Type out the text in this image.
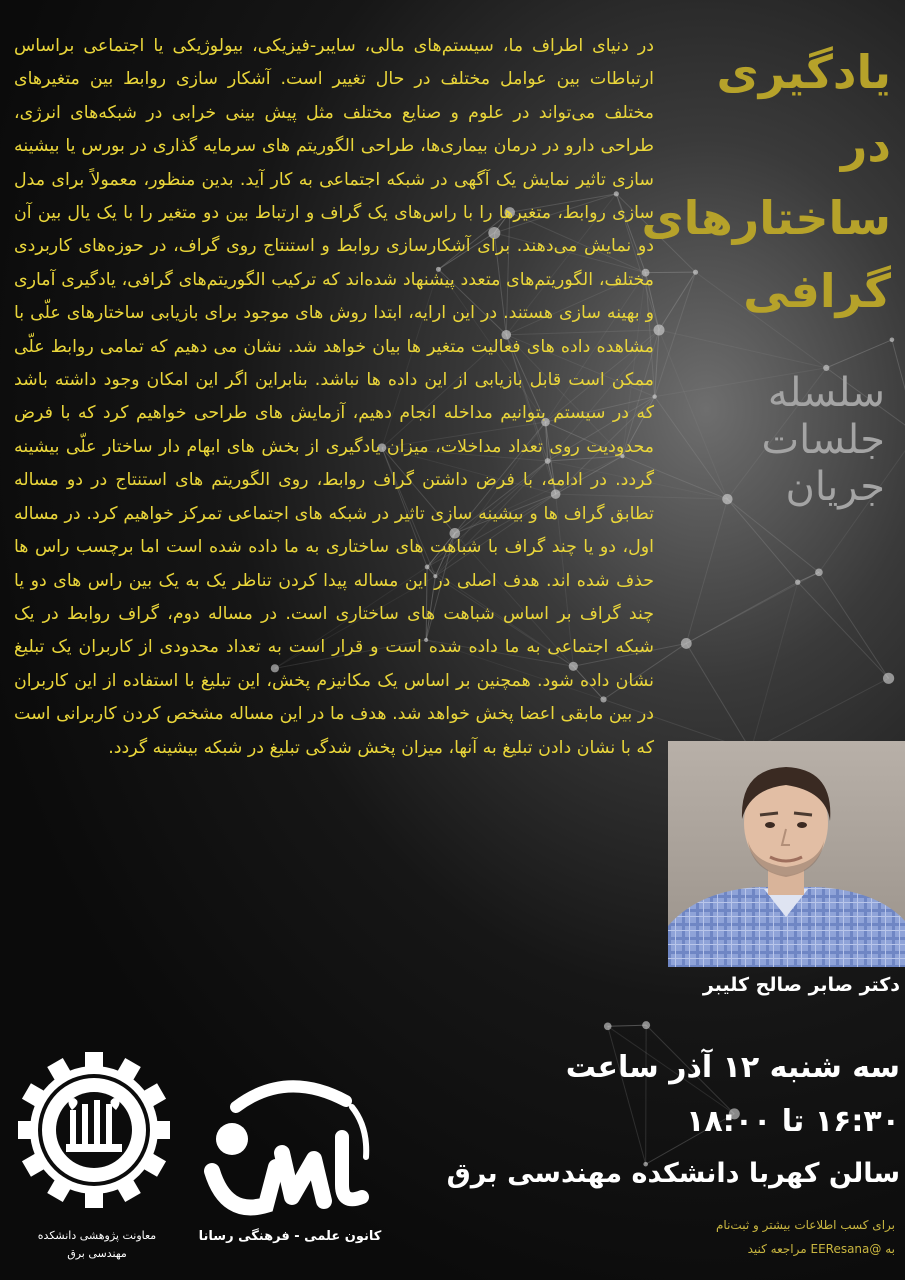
در دنیای اطراف ما، سیستم‌های مالی، سایبر-فیزیکی، بیولوژیکی یا اجتماعی براساس ارتباطات بین عوامل مختلف در حال تغییر است. آشکار سازی روابط بین متغیرهای مختلف می‌تواند در علوم و صنایع مختلف مثل پیش بینی خرابی در شبکه‌های انرژی، طراحی دارو در درمان بیماری‌ها، طراحی الگوریتم های سرمایه گذاری در بورس یا بیشینه سازی تاثیر نمایش یک آگهی در شبکه اجتماعی به کار آید. بدین منظور، معمولاً برای مدل سازی روابط، متغیرها را با راس‌های یک گراف و ارتباط بین دو متغیر را با یک یال بین آن دو نمایش می‌دهند. برای آشکارسازی روابط و استنتاج روی گراف، در حوزه‌های کاربردی مختلف، الگوریتم‌های متعدد پیشنهاد شده‌اند که ترکیب الگوریتم‌های گرافی، یادگیری آماری و بهینه سازی هستند. در این ارایه، ابتدا روش های موجود برای بازیابی ساختارهای علّی با مشاهده داده های فعالیت متغیر ها بیان خواهد شد. نشان می دهیم که تمامی روابط علّی ممکن است قابل بازیابی از این داده ها نباشد. بنابراین اگر این امکان وجود داشته باشد که در سیستم بتوانیم مداخله انجام دهیم، آزمایش های طراحی خواهیم کرد که با فرض محدودیت روی تعداد مداخلات، میزان یادگیری از بخش های ابهام دار ساختار علّی بیشینه گردد. در ادامه، با فرض داشتن گراف روابط، روی الگوریتم های استنتاج در دو مساله تطابق گراف ها و بیشینه سازی تاثیر در شبکه های اجتماعی تمرکز خواهیم کرد. در مساله اول، دو یا چند گراف با شباهت های ساختاری به ما داده شده است اما برچسب راس ها حذف شده اند. هدف اصلی در این مساله پیدا کردن تناظر یک به یک بین راس های دو یا چند گراف بر اساس شباهت های ساختاری است. در مساله دوم، گراف روابط در یک شبکه اجتماعی به ما داده شده است و قرار است به تعداد محدودی از کاربران یک تبلیغ نشان داده شود. همچنین بر اساس یک مکانیزم پخش، این تبلیغ با استفاده از این کاربران در بین مابقی اعضا پخش خواهد شد. هدف ما در این مساله مشخص کردن کاربرانی است که با نشان دادن تبلیغ به آنها، میزان پخش شدگی تبلیغ در شبکه بیشینه گردد.
یادگیری
در
ساختارهای
گرافی
سلسله
جلسات
جریان
دکتر صابر صالح کلیبر
سه شنبه ۱۲ آذر ساعت
۱۶:۳۰ تا ۱۸:۰۰
سالن کهربا دانشکده مهندسی برق
برای کسب اطلاعات بیشتر و ثبت‌نام
به @EEResana مراجعه کنید
معاونت پژوهشی دانشکده
مهندسی برق
کانون علمی - فرهنگی رسانا
